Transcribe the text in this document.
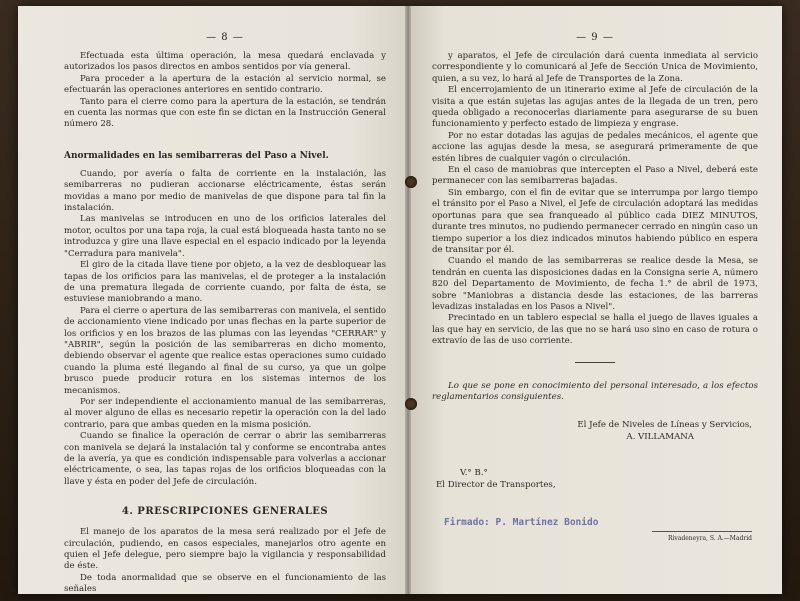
— 8 —

Efectuada esta última operación, la mesa quedará enclavada y autorizados los pasos directos en ambos sentidos por vía general.

Para proceder a la apertura de la estación al servicio normal, se efectuarán las operaciones anteriores en sentido contrario.

Tanto para el cierre como para la apertura de la estación, se tendrán en cuenta las normas que con este fin se dictan en la Instrucción General número 28.

Anormalidades en las semibarreras del Paso a Nivel.

Cuando, por avería o falta de corriente en la instalación, las semibarreras no pudieran accionarse eléctricamente, éstas serán movidas a mano por medio de manivelas de que dispone para tal fin la instalación.

Las manivelas se introducen en uno de los orificios laterales del motor, ocultos por una tapa roja, la cual está bloqueada hasta tanto no se introduzca y gire una llave especial en el espacio indicado por la leyenda "Cerradura para manivela".

El giro de la citada llave tiene por objeto, a la vez de desbloquear las tapas de los orificios para las manivelas, el de proteger a la instalación de una prematura llegada de corriente cuando, por falta de ésta, se estuviese maniobrando a mano.

Para el cierre o apertura de las semibarreras con manivela, el sentido de accionamiento viene indicado por unas flechas en la parte superior de los orificios y en los brazos de las plumas con las leyendas "CERRAR" y "ABRIR", según la posición de las semibarreras en dicho momento, debiendo observar el agente que realice estas operaciones sumo cuidado cuando la pluma esté llegando al final de su curso, ya que un golpe brusco puede producir rotura en los sistemas internos de los mecanismos.

Por ser independiente el accionamiento manual de las semibarreras, al mover alguno de ellas es necesario repetir la operación con la del lado contrario, para que ambas queden en la misma posición.

Cuando se finalice la operación de cerrar o abrir las semibarreras con manivela se dejará la instalación tal y conforme se encontraba antes de la avería, ya que es condición indispensable para volverlas a accionar eléctricamente, o sea, las tapas rojas de los orificios bloqueadas con la llave y ésta en poder del Jefe de circulación.

4. PRESCRIPCIONES GENERALES

El manejo de los aparatos de la mesa será realizado por el Jefe de circulación, pudiendo, en casos especiales, manejarlos otro agente en quien el Jefe delegue, pero siempre bajo la vigilancia y responsabilidad de éste.

De toda anormalidad que se observe en el funcionamiento de las señales

— 9 —

y aparatos, el Jefe de circulación dará cuenta inmediata al servicio correspondiente y lo comunicará al Jefe de Sección Unica de Movimiento, quien, a su vez, lo hará al Jefe de Transportes de la Zona.

El encerrojamiento de un itinerario exime al Jefe de circulación de la visita a que están sujetas las agujas antes de la llegada de un tren, pero queda obligado a reconocerlas diariamente para asegurarse de su buen funcionamiento y perfecto estado de limpieza y engrase.

Por no estar dotadas las agujas de pedales mecánicos, el agente que accione las agujas desde la mesa, se asegurará primeramente de que estén libres de cualquier vagón o circulación.

En el caso de maniobras que intercepten el Paso a Nivel, deberá este permanecer con las semibarreras bajadas.

Sin embargo, con el fin de evitar que se interrumpa por largo tiempo el tránsito por el Paso a Nivel, el Jefe de circulación adoptará las medidas oportunas para que sea franqueado al público cada DIEZ MINUTOS, durante tres minutos, no pudiendo permanecer cerrado en ningún caso un tiempo superior a los diez indicados minutos habiendo público en espera de transitar por él.

Cuando el mando de las semibarreras se realice desde la Mesa, se tendrán en cuenta las disposiciones dadas en la Consigna serie A, número 820 del Departamento de Movimiento, de fecha 1.° de abril de 1973, sobre "Maniobras a distancia desde las estaciones, de las barreras levadizas instaladas en los Pasos a Nivel".

Precintado en un tablero especial se halla el juego de llaves iguales a las que hay en servicio, de las que no se hará uso sino en caso de rotura o extravío de las de uso corriente.

Lo que se pone en conocimiento del personal interesado, a los efectos reglamentarios consiguientes.

El Jefe de Niveles de Líneas y Servicios,
A. VILLAMANA
V.° B.°
El Director de Transportes,
Firmado: P. Martínez Bonido
Rivadeneyra, S. A.—Madrid
